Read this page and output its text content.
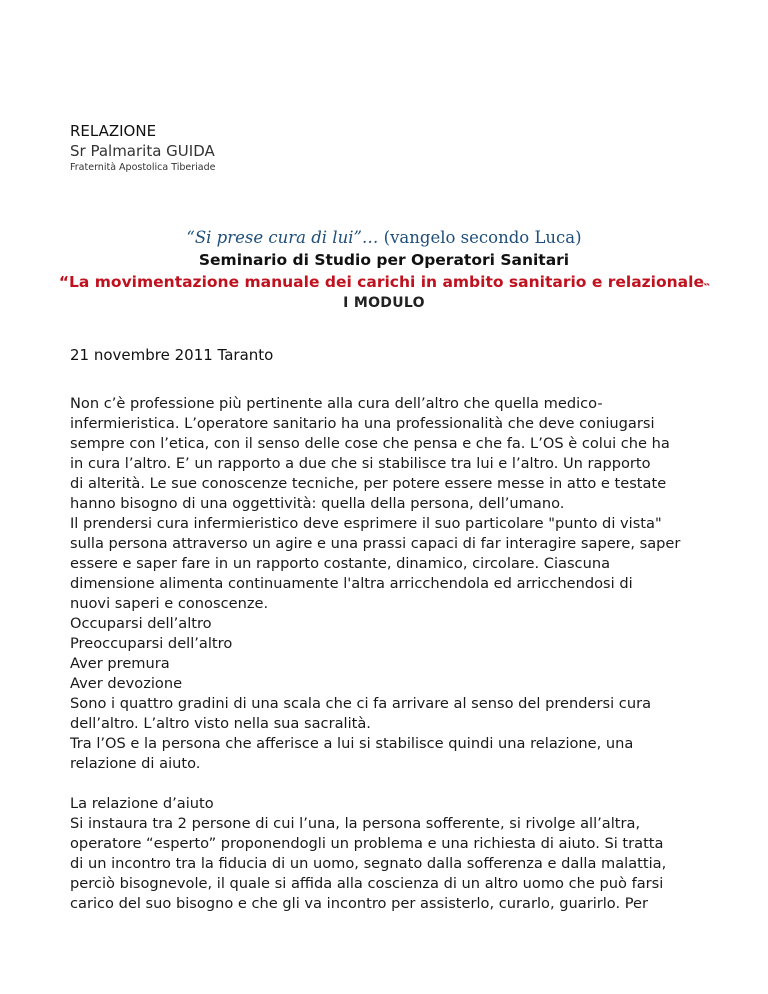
RELAZIONE
Sr Palmarita GUIDA
Fraternità Apostolica Tiberiade
“Si prese cura di lui”… (vangelo secondo Luca)
Seminario di Studio per Operatori Sanitari
“La movimentazione manuale dei carichi in ambito sanitario e relazionale˵
I MODULO
21 novembre 2011 Taranto

Non c’è professione più pertinente alla cura dell’altro che quella medico-

infermieristica. L’operatore sanitario ha una professionalità che deve coniugarsi

sempre con l’etica, con il senso delle cose che pensa e che fa. L’OS è colui che ha

in cura l’altro. E’ un rapporto a due che si stabilisce tra lui e l’altro. Un rapporto

di alterità. Le sue conoscenze tecniche, per potere essere messe in atto e testate

hanno bisogno di una oggettività: quella della persona, dell’umano.

Il prendersi cura infermieristico deve esprimere il suo particolare "punto di vista"

sulla persona attraverso un agire e una prassi capaci di far interagire sapere, saper

essere e saper fare in un rapporto costante, dinamico, circolare. Ciascuna

dimensione alimenta continuamente l'altra arricchendola ed arricchendosi di

nuovi saperi e conoscenze.

Occuparsi dell’altro

Preoccuparsi dell’altro

Aver premura

Aver devozione

Sono i quattro gradini di una scala che ci fa arrivare al senso del prendersi cura

dell’altro. L’altro visto nella sua sacralità.

Tra l’OS e la persona che afferisce a lui si stabilisce quindi una relazione, una

relazione di aiuto.

La relazione d’aiuto

Si instaura tra 2 persone di cui l’una, la persona sofferente, si rivolge all’altra,

operatore “esperto” proponendogli un problema e una richiesta di aiuto. Si tratta

di un incontro tra la fiducia di un uomo, segnato dalla sofferenza e dalla malattia,

perciò bisognevole, il quale si affida alla coscienza di un altro uomo che può farsi

carico del suo bisogno e che gli va incontro per assisterlo, curarlo, guarirlo. Per
